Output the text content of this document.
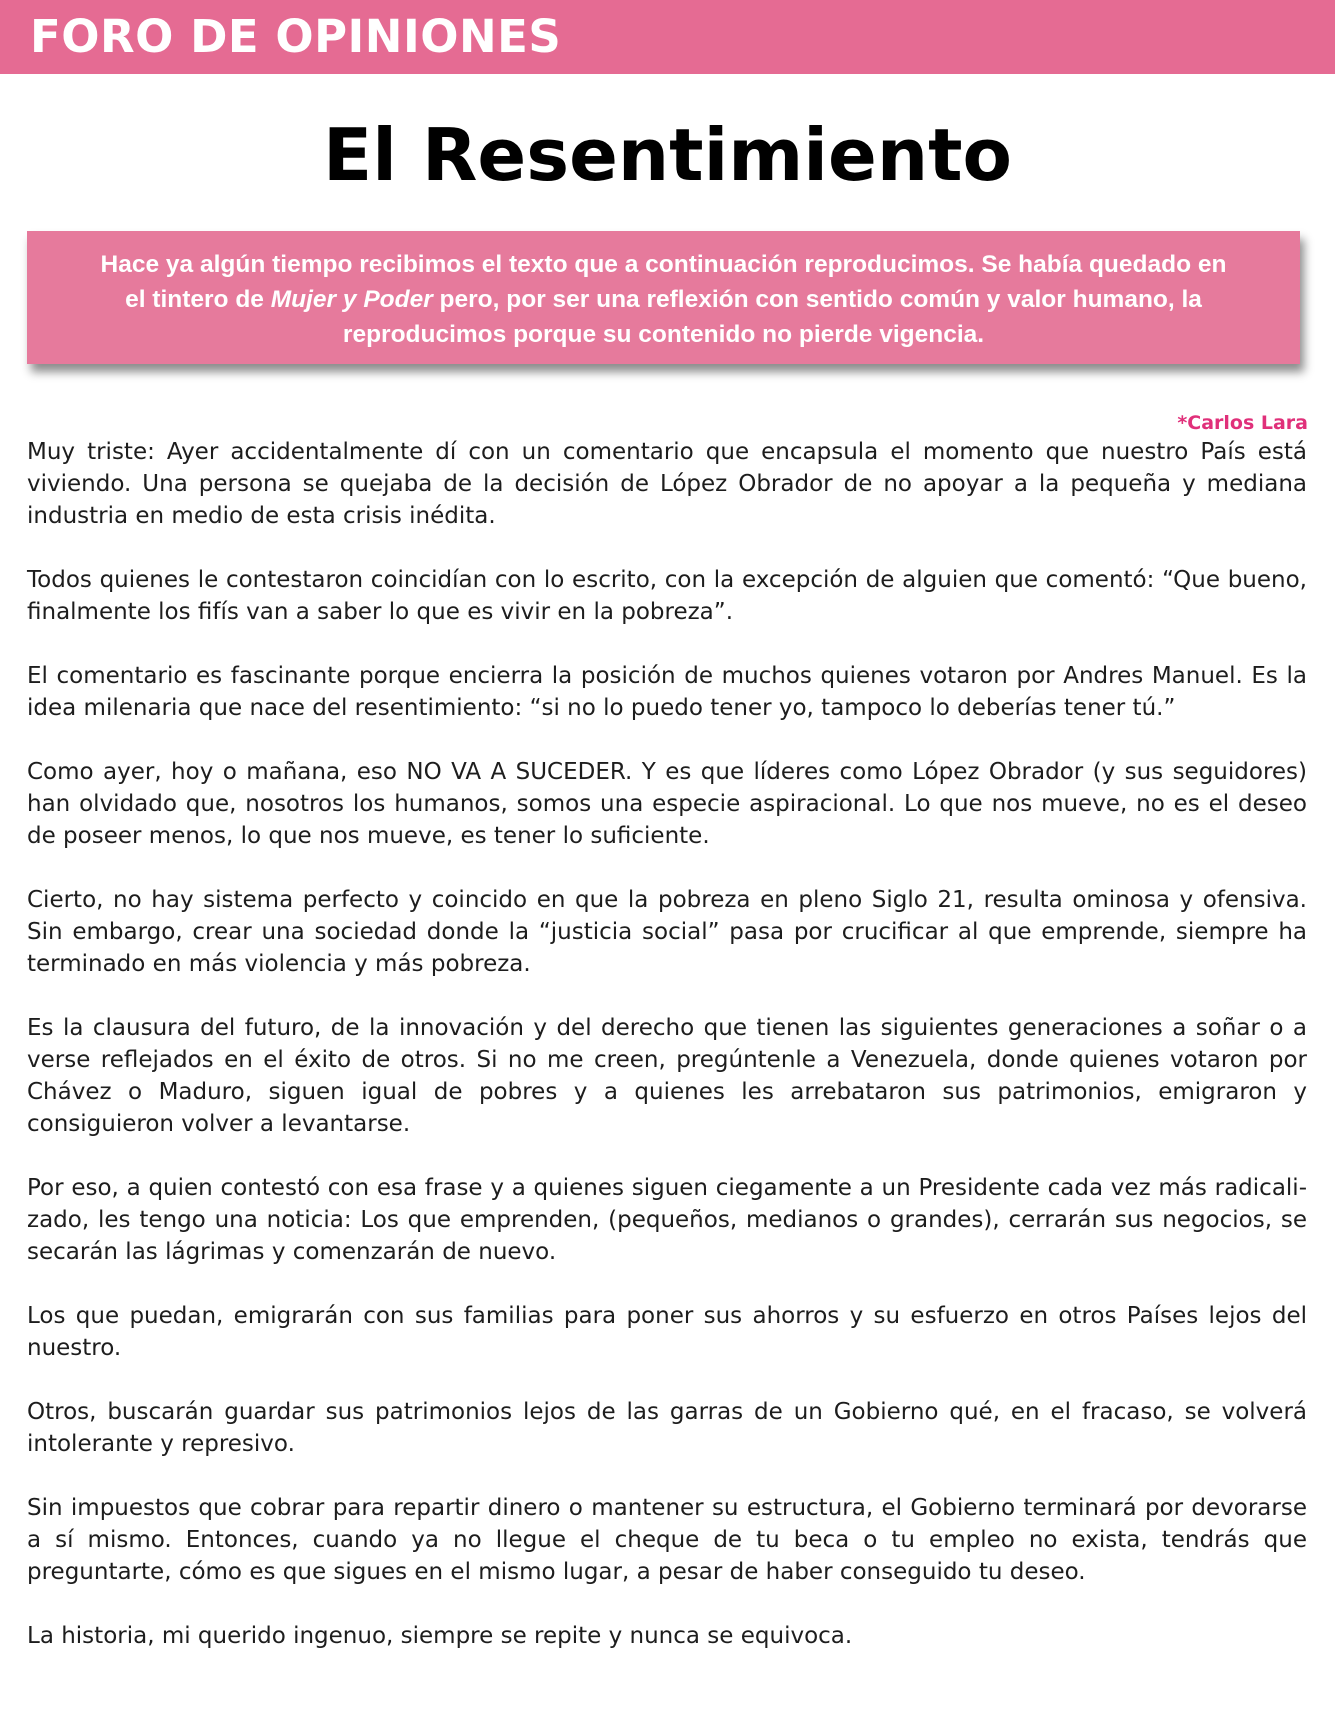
FORO DE OPINIONES
El Resentimiento

Hace ya algún tiempo recibimos el texto que a continuación reproducimos. Se había quedado en el tintero de Mujer y Poder pero, por ser una reflexión con sentido común y valor humano, la reproducimos porque su contenido no pierde vigencia.

*Carlos Lara

Muy triste: Ayer accidentalmente dí con un comentario que encapsula el momento que nuestro País está viviendo. Una persona se quejaba de la decisión de López Obrador de no apoyar a la pequeña y mediana industria en medio de esta crisis inédita.

Todos quienes le contestaron coincidían con lo escrito, con la excepción de alguien que comentó: “Que bueno, finalmente los fifís van a saber lo que es vivir en la pobreza”.

El comentario es fascinante porque encierra la posición de muchos quienes votaron por Andres Manuel. Es la idea milenaria que nace del resentimiento: “si no lo puedo tener yo, tampoco lo deberías tener tú.”

Como ayer, hoy o mañana, eso NO VA A SUCEDER. Y es que líderes como López Obrador (y sus seguidores) han olvidado que, nosotros los humanos, somos una especie aspiracional. Lo que nos mueve, no es el deseo de poseer menos, lo que nos mueve, es tener lo suficiente.

Cierto, no hay sistema perfecto y coincido en que la pobreza en pleno Siglo 21, resulta ominosa y ofensiva. Sin embargo, crear una sociedad donde la “justicia social” pasa por crucificar al que emprende, siempre ha terminado en más violencia y más pobreza.

Es la clausura del futuro, de la innovación y del derecho que tienen las siguientes generaciones a soñar o a verse reflejados en el éxito de otros. Si no me creen, pregúntenle a Venezuela, donde quienes votaron por Chávez o Maduro, siguen igual de pobres y a quienes les arrebataron sus patrimonios, emigraron y consiguieron volver a levantarse.

Por eso, a quien contestó con esa frase y a quienes siguen ciegamente a un Presidente cada vez más radicali-zado, les tengo una noticia: Los que emprenden, (pequeños, medianos o grandes), cerrarán sus negocios, se secarán las lágrimas y comenzarán de nuevo.

Los que puedan, emigrarán con sus familias para poner sus ahorros y su esfuerzo en otros Países lejos del nuestro.

Otros, buscarán guardar sus patrimonios lejos de las garras de un Gobierno qué, en el fracaso, se volverá intolerante y represivo.

Sin impuestos que cobrar para repartir dinero o mantener su estructura, el Gobierno terminará por devorarse a sí mismo. Entonces, cuando ya no llegue el cheque de tu beca o tu empleo no exista, tendrás que preguntarte, cómo es que sigues en el mismo lugar, a pesar de haber conseguido tu deseo.

La historia, mi querido ingenuo, siempre se repite y nunca se equivoca.
